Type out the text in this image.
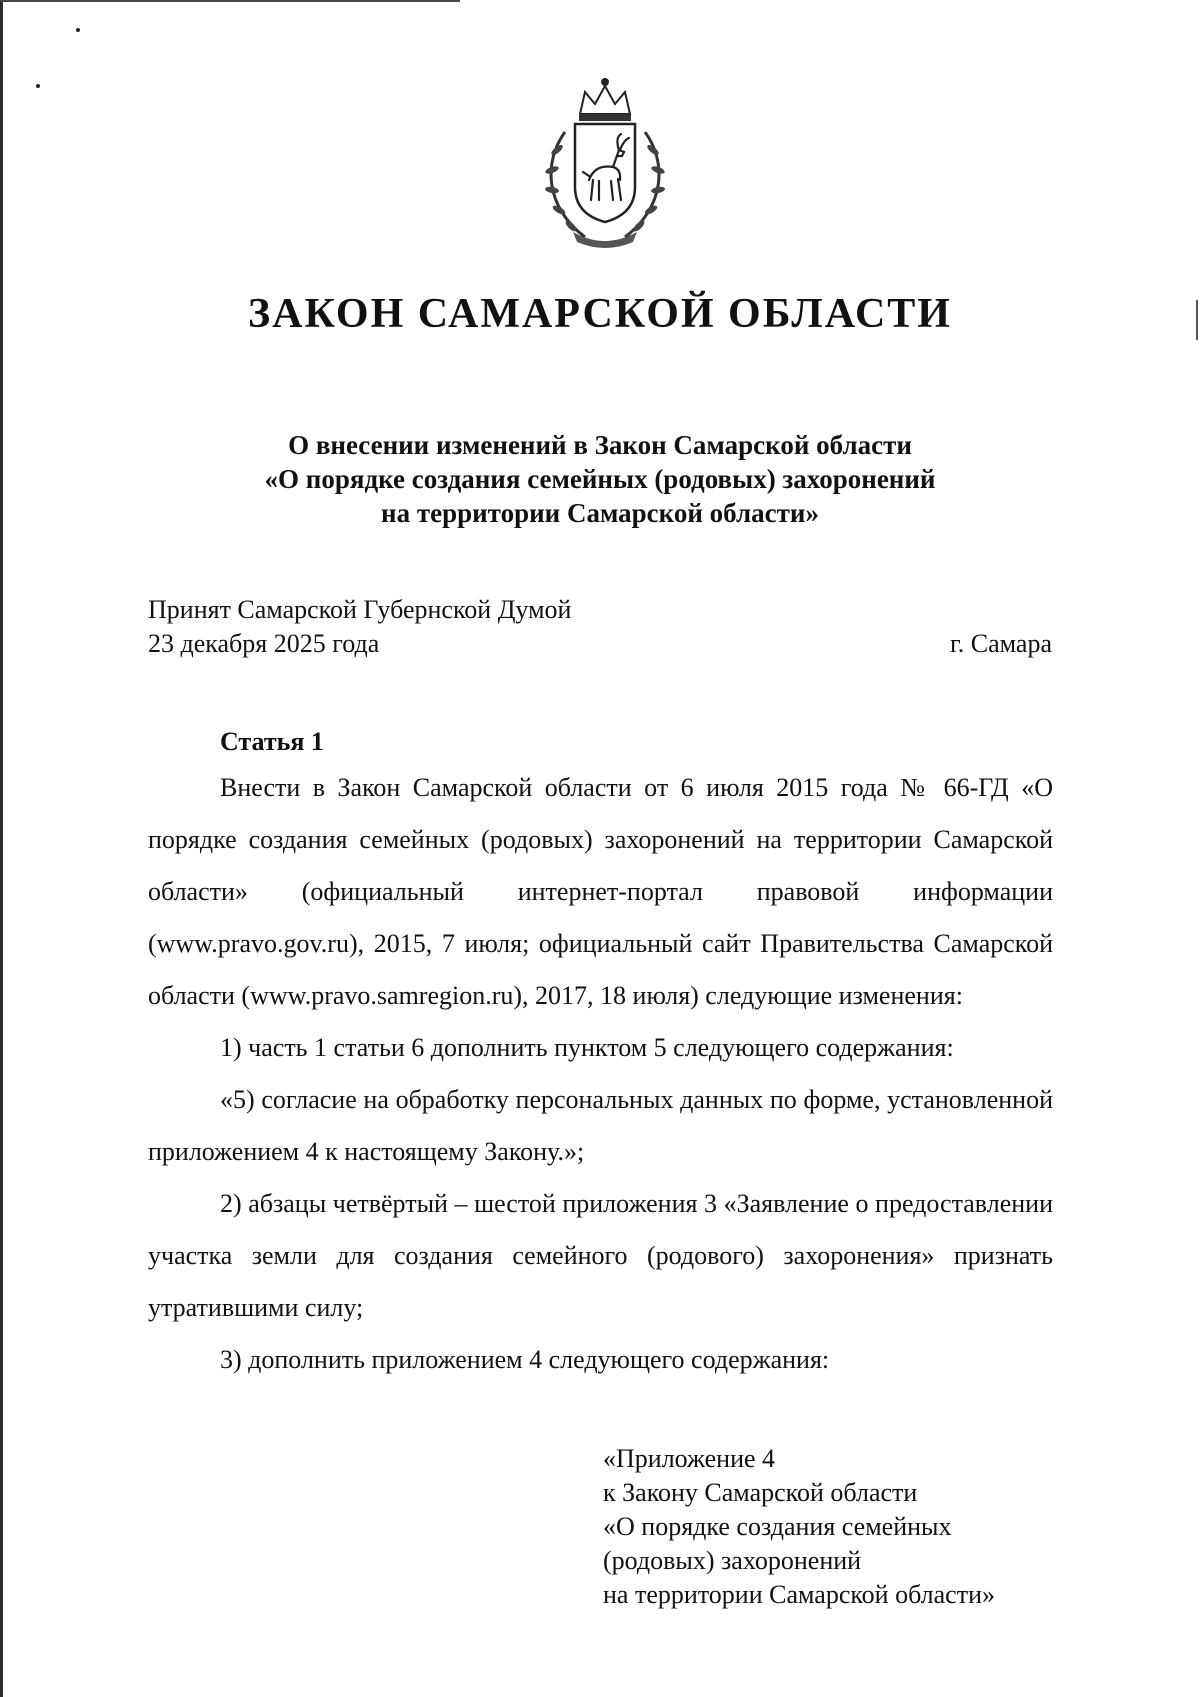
ЗАКОН САМАРСКОЙ ОБЛАСТИ
О внесении изменений в Закон Самарской области
«О порядке создания семейных (родовых) захоронений
на территории Самарской области»
Принят Самарской Губернской Думой
23 декабря 2025 года	г. Самара
Статья 1

Внести в Закон Самарской области от 6 июля 2015 года № 66-ГД «О порядке создания семейных (родовых) захоронений на территории Самарской области» (официальный интернет-портал правовой информации (www.pravo.gov.ru), 2015, 7 июля; официальный сайт Правительства Самарской области (www.pravo.samregion.ru), 2017, 18 июля) следующие изменения:

1) часть 1 статьи 6 дополнить пунктом 5 следующего содержания:

«5) согласие на обработку персональных данных по форме, установленной приложением 4 к настоящему Закону.»;

2) абзацы четвёртый – шестой приложения 3 «Заявление о предоставлении участка земли для создания семейного (родового) захоронения» признать утратившими силу;

3) дополнить приложением 4 следующего содержания:

«Приложение 4
к Закону Самарской области
«О порядке создания семейных
(родовых) захоронений
на территории Самарской области»
